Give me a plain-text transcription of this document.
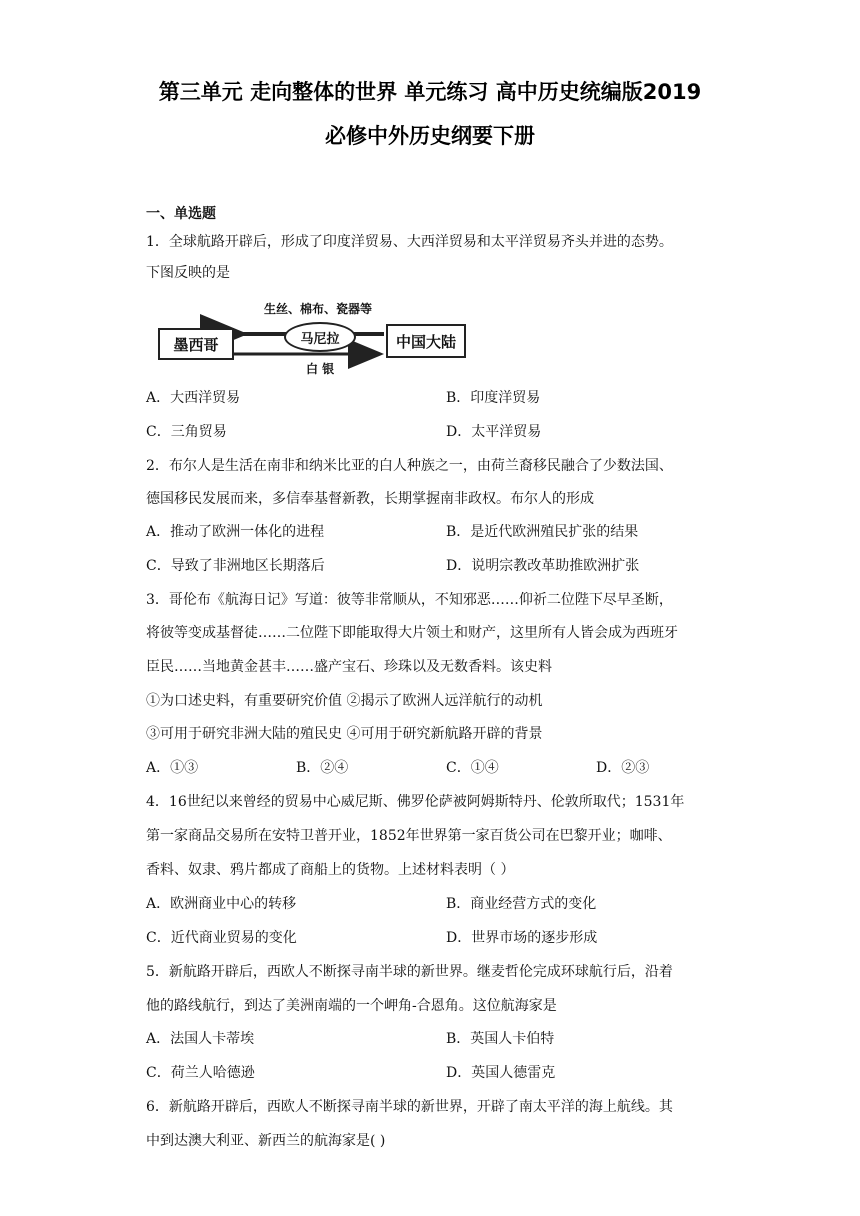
第三单元 走向整体的世界 单元练习 高中历史统编版2019
必修中外历史纲要下册
一、单选题
1．全球航路开辟后，形成了印度洋贸易、大西洋贸易和太平洋贸易齐头并进的态势。
下图反映的是
墨西哥	马尼拉	中国大陆
生丝、棉布、瓷器等
白 银
A．大西洋贸易	B．印度洋贸易
C．三角贸易	D．太平洋贸易
2．布尔人是生活在南非和纳米比亚的白人种族之一，由荷兰裔移民融合了少数法国、
德国移民发展而来，多信奉基督新教，长期掌握南非政权。布尔人的形成
A．推动了欧洲一体化的进程	B．是近代欧洲殖民扩张的结果
C．导致了非洲地区长期落后	D．说明宗教改革助推欧洲扩张
3．哥伦布《航海日记》写道：彼等非常顺从，不知邪恶……仰祈二位陛下尽早圣断，
将彼等变成基督徒……二位陛下即能取得大片领土和财产，这里所有人皆会成为西班牙
臣民……当地黄金甚丰……盛产宝石、珍珠以及无数香料。该史料
①为口述史料，有重要研究价值 ②揭示了欧洲人远洋航行的动机
③可用于研究非洲大陆的殖民史 ④可用于研究新航路开辟的背景
A．①③	B．②④	C．①④	D．②③
4．16世纪以来曾经的贸易中心威尼斯、佛罗伦萨被阿姆斯特丹、伦敦所取代；1531年
第一家商品交易所在安特卫普开业，1852年世界第一家百货公司在巴黎开业；咖啡、
香料、奴隶、鸦片都成了商船上的货物。上述材料表明（ ）
A．欧洲商业中心的转移	B．商业经营方式的变化
C．近代商业贸易的变化	D．世界市场的逐步形成
5．新航路开辟后，西欧人不断探寻南半球的新世界。继麦哲伦完成环球航行后，沿着
他的路线航行，到达了美洲南端的一个岬角-合恩角。这位航海家是
A．法国人卡蒂埃	B．英国人卡伯特
C．荷兰人哈德逊	D．英国人德雷克
6．新航路开辟后，西欧人不断探寻南半球的新世界，开辟了南太平洋的海上航线。其
中到达澳大利亚、新西兰的航海家是( )
